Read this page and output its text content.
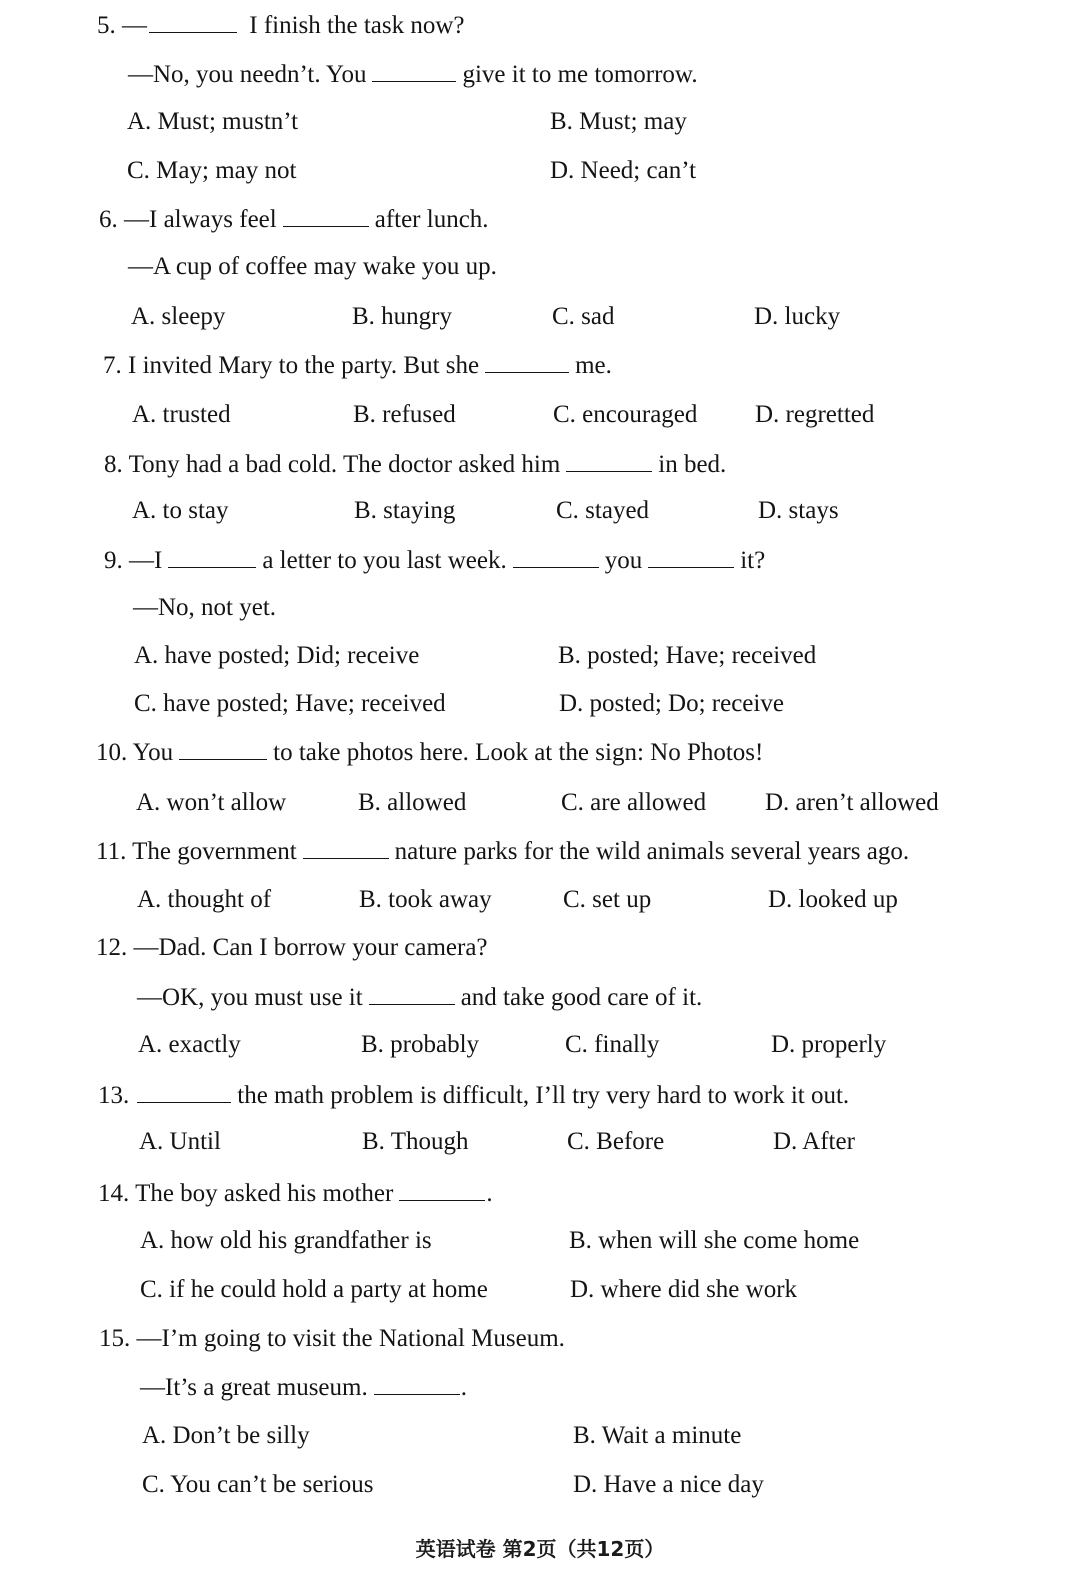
5. —	I finish the task now?
—No, you needn’t. You	give it to me tomorrow.
A. Must; mustn’t	B. Must; may
C. May; may not	D. Need; can’t
6. —I always feel	after lunch.
—A cup of coffee may wake you up.
A. sleepy	B. hungry	C. sad	D. lucky
7. I invited Mary to the party. But she	me.
A. trusted	B. refused	C. encouraged D. regretted
8. Tony had a bad cold. The doctor asked him	in bed.
A. to stay	B. staying	C. stayed	D. stays
9. —I	a letter to you last week.	you	it?
—No, not yet.
A. have posted; Did; receive	B. posted; Have; received
C. have posted; Have; received	D. posted; Do; receive
10. You	to take photos here. Look at the sign: No Photos!
A. won’t allow	B. allowed	C. are allowed D. aren’t allowed
11. The government	nature parks for the wild animals several years ago.
A. thought of	B. took away	C. set up	D. looked up
12. —Dad. Can I borrow your camera?
—OK, you must use it	and take good care of it.
A. exactly	B. probably	C. finally	D. properly
13.	the math problem is difficult, I’ll try very hard to work it out.
A. Until	B. Though	C. Before	D. After
14. The boy asked his mother	.
A. how old his grandfather is	B. when will she come home
C. if he could hold a party at home	D. where did she work
15. —I’m going to visit the National Museum.
—It’s a great museum.	.
A. Don’t be silly	B. Wait a minute
C. You can’t be serious	D. Have a nice day
英语试卷 第2页（共12页）
